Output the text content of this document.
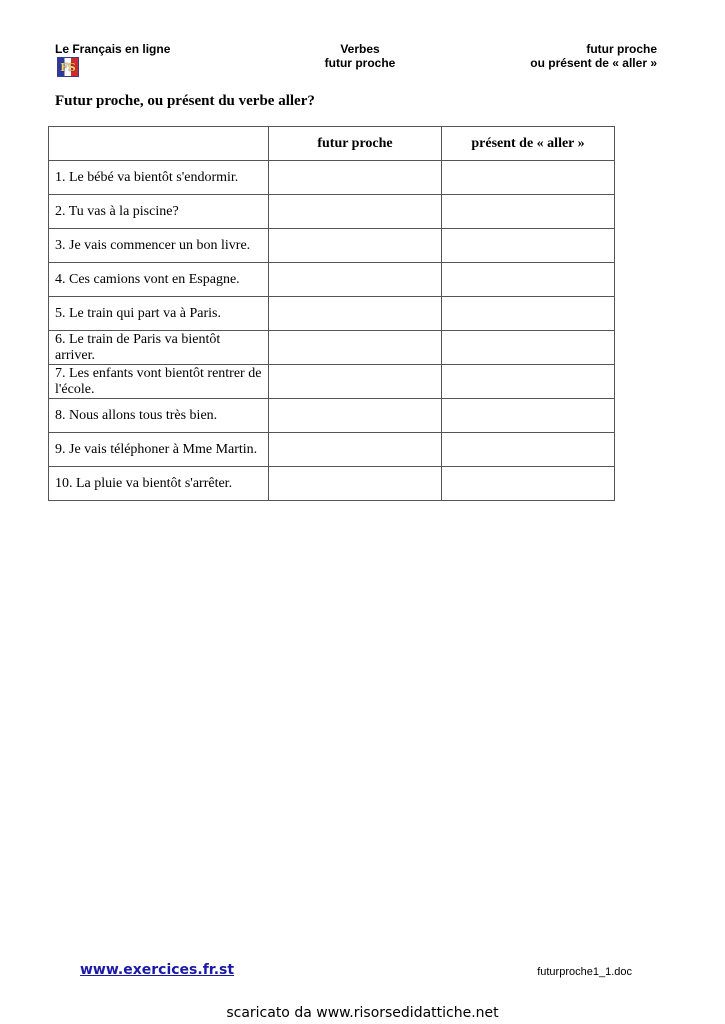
Le Français en ligne	Verbes
futur proche
futur proche
ou présent de « aller »
FS
Futur proche, ou présent du verbe aller?
	futur proche	présent de « aller »
1. Le bébé va bientôt s'endormir.		
2. Tu vas à la piscine?		
3. Je vais commencer un bon livre.		
4. Ces camions vont en Espagne.		
5. Le train qui part va à Paris.		
6. Le train de Paris va bientôt arriver.		
7. Les enfants vont bientôt rentrer de l'école.		
8. Nous allons tous très bien.		
9. Je vais téléphoner à Mme Martin.		
10. La pluie va bientôt s'arrêter.		
www.exercices.fr.st	futurproche1_1.doc
scaricato da www.risorsedidattiche.net
